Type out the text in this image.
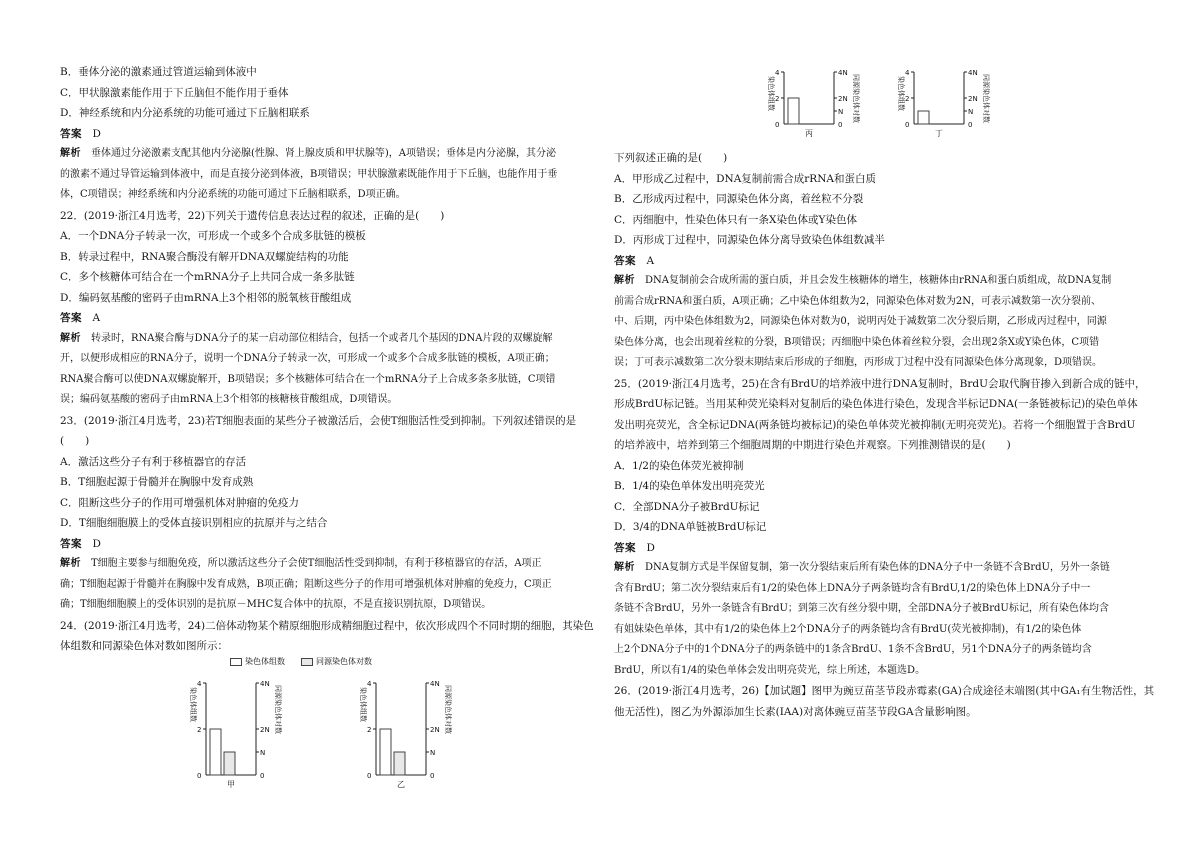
染色体组数
4
2
0
4N
2N
N
0
同源染色体对数
丙
染色体组数
4
2
0
4N
2N
N
0
同源染色体对数
丁
B．垂体分泌的激素通过管道运输到体液中
C．甲状腺激素能作用于下丘脑但不能作用于垂体
D．神经系统和内分泌系统的功能可通过下丘脑相联系
答案　 D
解析　 垂体通过分泌激素支配其他内分泌腺(性腺、肾上腺皮质和甲状腺等)，A项错误；垂体是内分泌腺，其分泌
的激素不通过导管运输到体液中，而是直接分泌到体液，B项错误；甲状腺激素既能作用于下丘脑，也能作用于垂
体，C项错误；神经系统和内分泌系统的功能可通过下丘脑相联系，D项正确。
22．(2019·浙江4月选考，22)下列关于遗传信息表达过程的叙述，正确的是(　　)
A．一个DNA分子转录一次，可形成一个或多个合成多肽链的模板
B．转录过程中，RNA聚合酶没有解开DNA双螺旋结构的功能
C．多个核糖体可结合在一个mRNA分子上共同合成一条多肽链
D．编码氨基酸的密码子由mRNA上3个相邻的脱氧核苷酸组成
答案　 A
解析　 转录时，RNA聚合酶与DNA分子的某一启动部位相结合，包括一个或者几个基因的DNA片段的双螺旋解
开，以便形成相应的RNA分子，说明一个DNA分子转录一次，可形成一个或多个合成多肽链的模板，A项正确；
RNA聚合酶可以使DNA双螺旋解开，B项错误；多个核糖体可结合在一个mRNA分子上合成多条多肽链，C项错
误；编码氨基酸的密码子由mRNA上3个相邻的核糖核苷酸组成，D项错误。
23．(2019·浙江4月选考，23)若T细胞表面的某些分子被激活后，会使T细胞活性受到抑制。下列叙述错误的是
(　　)
A．激活这些分子有利于移植器官的存活
B．T细胞起源于骨髓并在胸腺中发育成熟
C．阻断这些分子的作用可增强机体对肿瘤的免疫力
D．T细胞细胞膜上的受体直接识别相应的抗原并与之结合
答案　 D
解析　 T细胞主要参与细胞免疫，所以激活这些分子会使T细胞活性受到抑制，有利于移植器官的存活，A项正
确；T细胞起源于骨髓并在胸腺中发育成熟，B项正确；阻断这些分子的作用可增强机体对肿瘤的免疫力，C项正
确；T细胞细胞膜上的受体识别的是抗原－MHC复合体中的抗原，不是直接识别抗原，D项错误。
24．(2019·浙江4月选考，24)二倍体动物某个精原细胞形成精细胞过程中，依次形成四个不同时期的细胞，其染色
体组数和同源染色体对数如图所示：
染色体组数	同源染色体对数
染色体组数
4
2
0
4N
2N
N
0
同源染色体对数
甲
染色体组数
4
2
0
4N
2N
N
0
同源染色体对数
乙
下列叙述正确的是(　　)
A．甲形成乙过程中，DNA复制前需合成rRNA和蛋白质
B．乙形成丙过程中，同源染色体分离，着丝粒不分裂
C．丙细胞中，性染色体只有一条X染色体或Y染色体
D．丙形成丁过程中，同源染色体分离导致染色体组数减半
答案　 A
解析　 DNA复制前会合成所需的蛋白质，并且会发生核糖体的增生，核糖体由rRNA和蛋白质组成，故DNA复制
前需合成rRNA和蛋白质，A项正确；乙中染色体组数为2，同源染色体对数为2N，可表示减数第一次分裂前、
中、后期，丙中染色体组数为2，同源染色体对数为0，说明丙处于减数第二次分裂后期，乙形成丙过程中，同源
染色体分离，也会出现着丝粒的分裂，B项错误；丙细胞中染色体着丝粒分裂，会出现2条X或Y染色体，C项错
误；丁可表示减数第二次分裂末期结束后形成的子细胞，丙形成丁过程中没有同源染色体分离现象，D项错误。
25．(2019·浙江4月选考，25)在含有BrdU的培养液中进行DNA复制时，BrdU会取代胸苷掺入到新合成的链中，
形成BrdU标记链。当用某种荧光染料对复制后的染色体进行染色，发现含半标记DNA(一条链被标记)的染色单体
发出明亮荧光，含全标记DNA(两条链均被标记)的染色单体荧光被抑制(无明亮荧光)。若将一个细胞置于含BrdU
的培养液中，培养到第三个细胞周期的中期进行染色并观察。下列推测错误的是(　　)
A．1/2的染色体荧光被抑制
B．1/4的染色单体发出明亮荧光
C．全部DNA分子被BrdU标记
D．3/4的DNA单链被BrdU标记
答案　 D
解析　 DNA复制方式是半保留复制，第一次分裂结束后所有染色体的DNA分子中一条链不含BrdU，另外一条链
含有BrdU；第二次分裂结束后有1/2的染色体上DNA分子两条链均含有BrdU,1/2的染色体上DNA分子中一
条链不含BrdU，另外一条链含有BrdU；到第三次有丝分裂中期，全部DNA分子被BrdU标记，所有染色体均含
有姐妹染色单体，其中有1/2的染色体上2个DNA分子的两条链均含有BrdU(荧光被抑制)，有1/2的染色体
上2个DNA分子中的1个DNA分子的两条链中的1条含BrdU、1条不含BrdU，另1个DNA分子的两条链均含
BrdU，所以有1/4的染色单体会发出明亮荧光，综上所述，本题选D。
26．(2019·浙江4月选考，26)【加试题】图甲为豌豆苗茎节段赤霉素(GA)合成途径末端图(其中GA₁有生物活性，其
他无活性)，图乙为外源添加生长素(IAA)对离体豌豆苗茎节段GA含量影响图。
